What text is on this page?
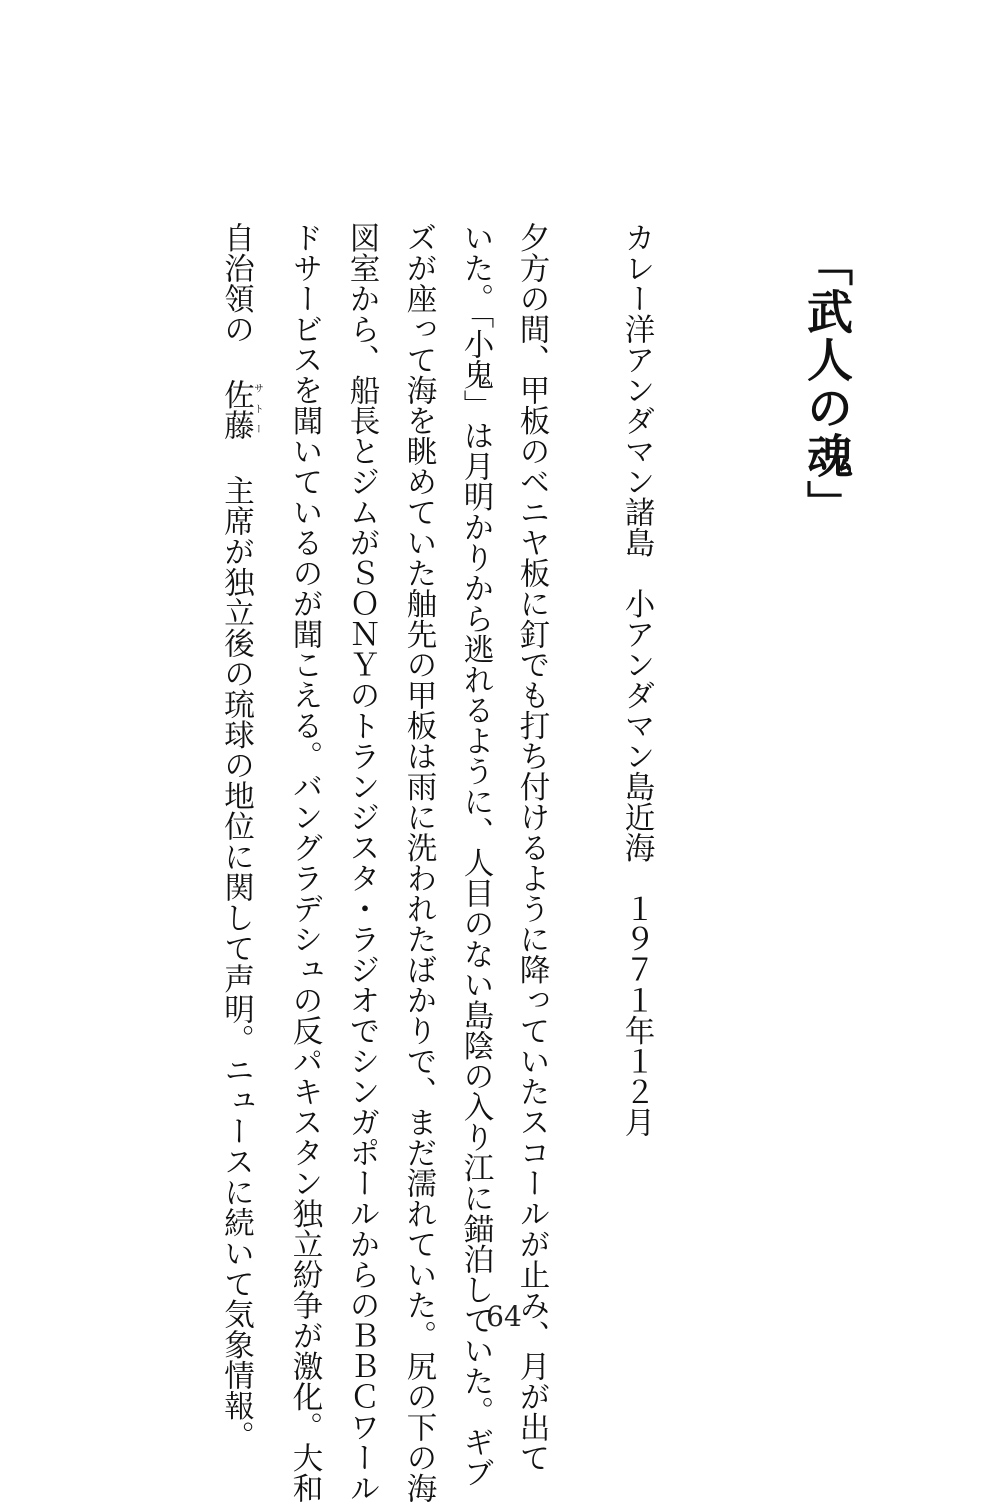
「武人の魂」
カレー洋アンダマン諸島　小アンダマン島近海　１９７１年１２月
夕方の間、甲板のベニヤ板に釘でも打ち付けるように降っていたスコールが止み、月が出て
いた。「小鬼」は月明かりから逃れるように、人目のない島陰の入り江に錨泊していた。ギブ
ズが座って海を眺めていた舳先の甲板は雨に洗われたばかりで、まだ濡れていた。尻の下の海
図室から、船長とジムがＳＯＮＹのトランジスタ・ラジオでシンガポールからのＢＢＣワール
ドサービスを聞いているのが聞こえる。バングラデシュの反パキスタン独立紛争が激化。大和
自治領の 佐藤サトー 主席が独立後の琉球の地位に関して声明。ニュースに続いて気象情報。	64
